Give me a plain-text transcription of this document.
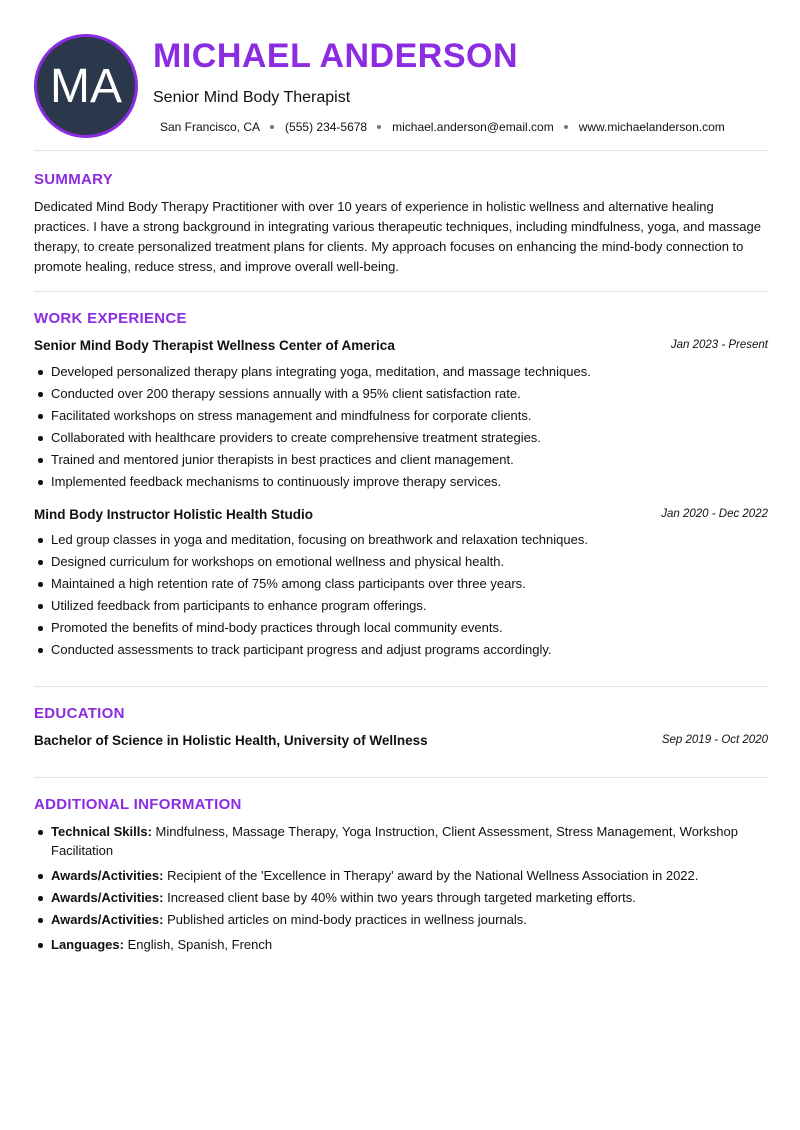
MA
MICHAEL ANDERSON
Senior Mind Body Therapist
San Francisco, CA (555) 234-5678 michael.anderson@email.com www.michaelanderson.com
SUMMARY
Dedicated Mind Body Therapy Practitioner with over 10 years of experience in holistic wellness and alternative healing practices. I have a strong background in integrating various therapeutic techniques, including mindfulness, yoga, and massage therapy, to create personalized treatment plans for clients. My approach focuses on enhancing the mind-body connection to promote healing, reduce stress, and improve overall well-being.
WORK EXPERIENCE
Senior Mind Body Therapist Wellness Center of America	Jan 2023 - Present
Developed personalized therapy plans integrating yoga, meditation, and massage techniques.
Conducted over 200 therapy sessions annually with a 95% client satisfaction rate.
Facilitated workshops on stress management and mindfulness for corporate clients.
Collaborated with healthcare providers to create comprehensive treatment strategies.
Trained and mentored junior therapists in best practices and client management.
Implemented feedback mechanisms to continuously improve therapy services.
Mind Body Instructor Holistic Health Studio	Jan 2020 - Dec 2022
Led group classes in yoga and meditation, focusing on breathwork and relaxation techniques.
Designed curriculum for workshops on emotional wellness and physical health.
Maintained a high retention rate of 75% among class participants over three years.
Utilized feedback from participants to enhance program offerings.
Promoted the benefits of mind-body practices through local community events.
Conducted assessments to track participant progress and adjust programs accordingly.
EDUCATION
Bachelor of Science in Holistic Health, University of Wellness	Sep 2019 - Oct 2020
ADDITIONAL INFORMATION
Technical Skills: Mindfulness, Massage Therapy, Yoga Instruction, Client Assessment, Stress Management, Workshop Facilitation
Awards/Activities: Recipient of the 'Excellence in Therapy' award by the National Wellness Association in 2022.
Awards/Activities: Increased client base by 40% within two years through targeted marketing efforts.
Awards/Activities: Published articles on mind-body practices in wellness journals.
Languages: English, Spanish, French
